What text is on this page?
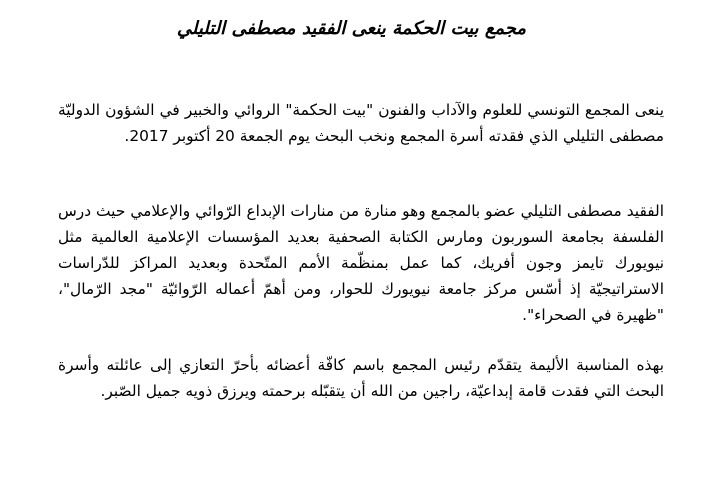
مجمع بيت الحكمة ينعى الفقيد مصطفى التليلي

ينعى المجمع التونسي للعلوم والآداب والفنون "بيت الحكمة" الروائي والخبير في الشؤون الدوليّة مصطفى التليلي الذي فقدته أسرة المجمع ونخب البحث يوم الجمعة 20 أكتوبر 2017.

الفقيد مصطفى التليلي عضو بالمجمع وهو منارة من منارات الإبداع الرّوائي والإعلامي حيث درس الفلسفة بجامعة السوربون ومارس الكتابة الصحفية بعديد المؤسسات الإعلامية العالمية مثل نيويورك تايمز وجون أفريك، كما عمل بمنظّمة الأمم المتّحدة وبعديد المراكز للدّراسات الاستراتيجيّة إذ أسّس مركز جامعة نيويورك للحوار، ومن أهمّ أعماله الرّوائيّة "مجد الرّمال"، "ظهيرة في الصحراء".

بهذه المناسبة الأليمة يتقدّم رئيس المجمع باسم كافّة أعضائه بأحرّ التعازي إلى عائلته وأسرة البحث التي فقدت قامة إبداعيّة، راجين من الله أن يتقبّله برحمته ويرزق ذويه جميل الصّبر.
